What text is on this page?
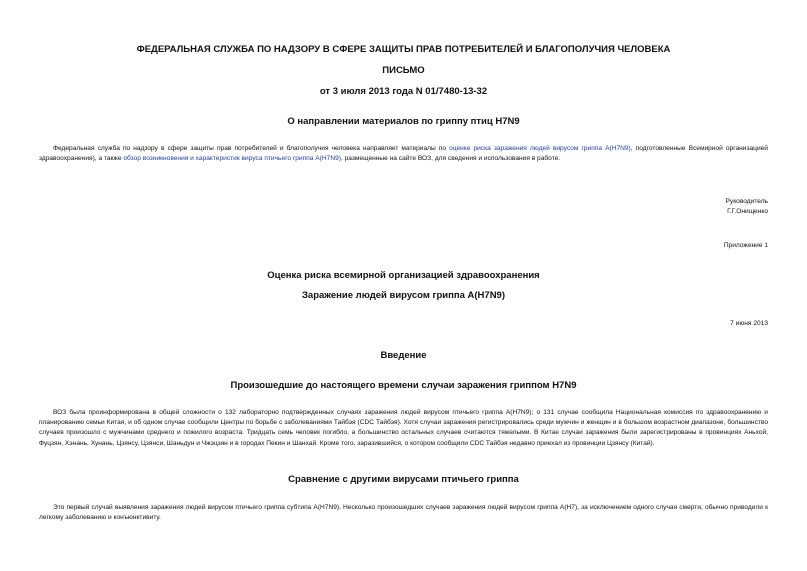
ФЕДЕРАЛЬНАЯ СЛУЖБА ПО НАДЗОРУ В СФЕРЕ ЗАЩИТЫ ПРАВ ПОТРЕБИТЕЛЕЙ И БЛАГОПОЛУЧИЯ ЧЕЛОВЕКА
ПИСЬМО
от 3 июля 2013 года N 01/7480-13-32
О направлении материалов по гриппу птиц H7N9
Федеральная служба по надзору в сфере защиты прав потребителей и благополучия человека направляет материалы по оценке риска заражения людей вирусом гриппа A(H7N9), подготовленные Всемирной организацией здравоохранения), а также обзор возникновения и характеристик вируса птичьего гриппа A(H7N9), размещенные на сайте ВОЗ, для сведения и использования в работе.
Руководитель
Г.Г.Онищенко
Приложение 1
Оценка риска всемирной организацией здравоохранения
Заражение людей вирусом гриппа A(H7N9)
7 июня 2013
Введение
Произошедшие до настоящего времени случаи заражения гриппом H7N9
ВОЗ была проинформирована в общей сложности о 132 лабораторно подтвержденных случаях заражения людей вирусом птичьего гриппа A(H7N9); о 131 случае сообщила Национальная комиссия по здравоохранению и планированию семьи Китая, и об одном случае сообщили Центры по борьбе с заболеваниями Тайбэя (CDC Тайбэя). Хотя случаи заражения регистрировались среди мужчин и женщин и в большом возрастном диапазоне, большинство случаев произошло с мужчинами среднего и пожилого возраста. Тридцать семь человек погибло, а большинство остальных случаев считаются тяжелыми. В Китае случаи заражения были зарегистрированы в провинциях Аньхой, Фуцзян, Хэнань, Хунань, Цзянсу, Цзянси, Шаньдун и Чжэцзян и в городах Пекин и Шанхай. Кроме того, заразившийся, о котором сообщили CDC Тайбэя недавно приехал из провинции Цзянсу (Китай).
Сравнение с другими вирусами птичьего гриппа
Это первый случай выявления заражения людей вирусом птичьего гриппа субтипа A(H7N9). Несколько произошедших случаев заражения людей вирусом гриппа A(H7), за исключением одного случая смерти, обычно приводили к легкому заболеванию и конъюнктивиту.
